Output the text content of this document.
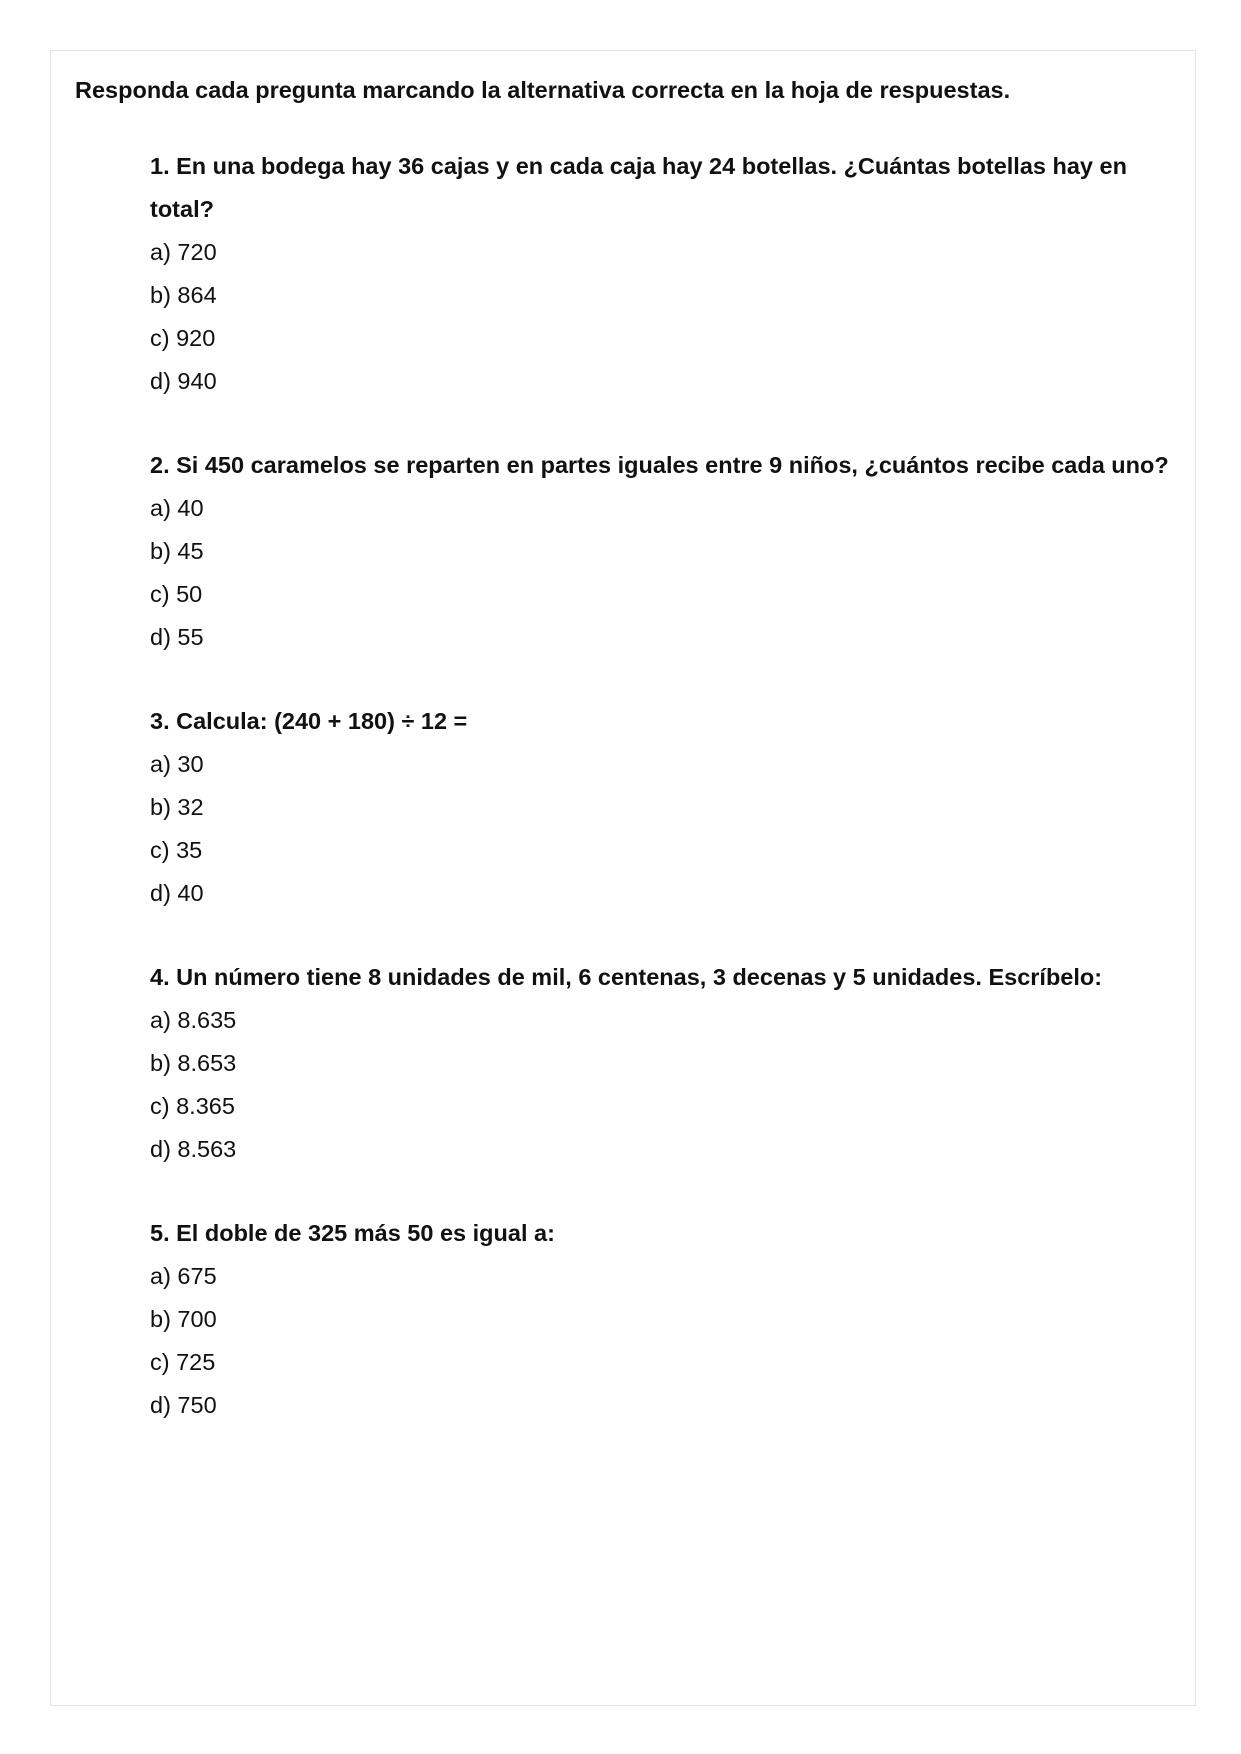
Responda cada pregunta marcando la alternativa correcta en la hoja de respuestas.

1. En una bodega hay 36 cajas y en cada caja hay 24 botellas. ¿Cuántas botellas hay en total?

a) 720
b) 864
c) 920
d) 940

2. Si 450 caramelos se reparten en partes iguales entre 9 niños, ¿cuántos recibe cada uno?

a) 40
b) 45
c) 50
d) 55

3. Calcula: (240 + 180) ÷ 12 =

a) 30
b) 32
c) 35
d) 40

4. Un número tiene 8 unidades de mil, 6 centenas, 3 decenas y 5 unidades. Escríbelo:

a) 8.635
b) 8.653
c) 8.365
d) 8.563

5. El doble de 325 más 50 es igual a:

a) 675
b) 700
c) 725
d) 750
